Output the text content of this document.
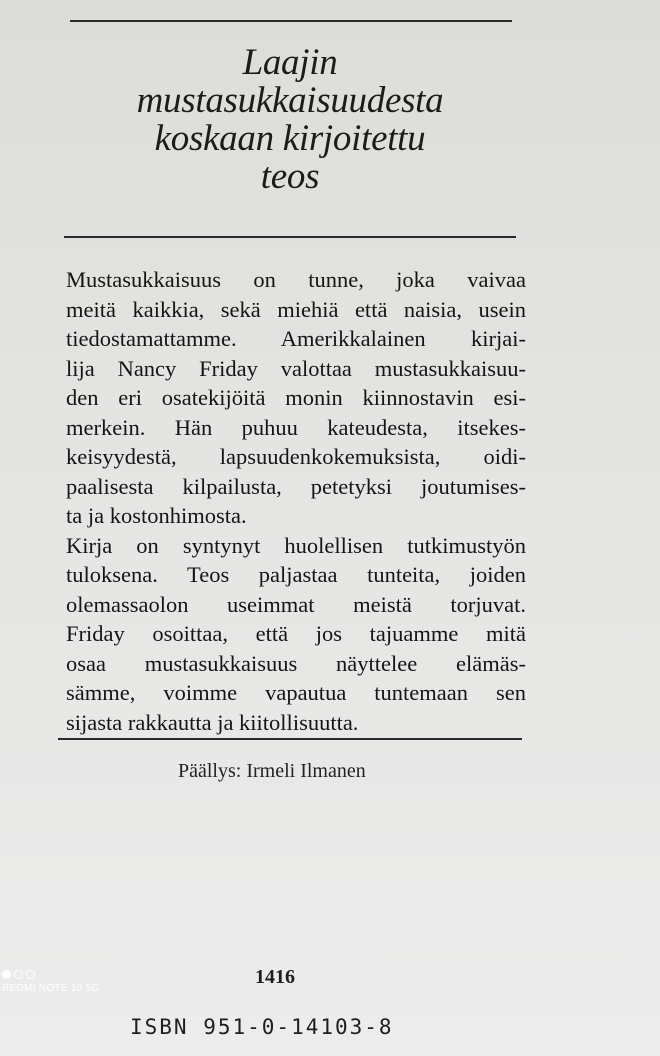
Laajin
mustasukkaisuudesta
koskaan kirjoitettu
teos
Mustasukkaisuus on tunne, joka vaivaa
meitä kaikkia, sekä miehiä että naisia, usein
tiedostamattamme. Amerikkalainen kirjai-
lija Nancy Friday valottaa mustasukkaisuu-
den eri osatekijöitä monin kiinnostavin esi-
merkein. Hän puhuu kateudesta, itsekes-
keisyydestä, lapsuudenkokemuksista, oidi-
paalisesta kilpailusta, petetyksi joutumises-
ta ja kostonhimosta.
Kirja on syntynyt huolellisen tutkimustyön
tuloksena. Teos paljastaa tunteita, joiden
olemassaolon useimmat meistä torjuvat.
Friday osoittaa, että jos tajuamme mitä
osaa mustasukkaisuus näyttelee elämäs-
sämme, voimme vapautua tuntemaan sen
sijasta rakkautta ja kiitollisuutta.
Päällys: Irmeli Ilmanen
1416
REDMI NOTE 10 5G
ISBN 951-0-14103-8
